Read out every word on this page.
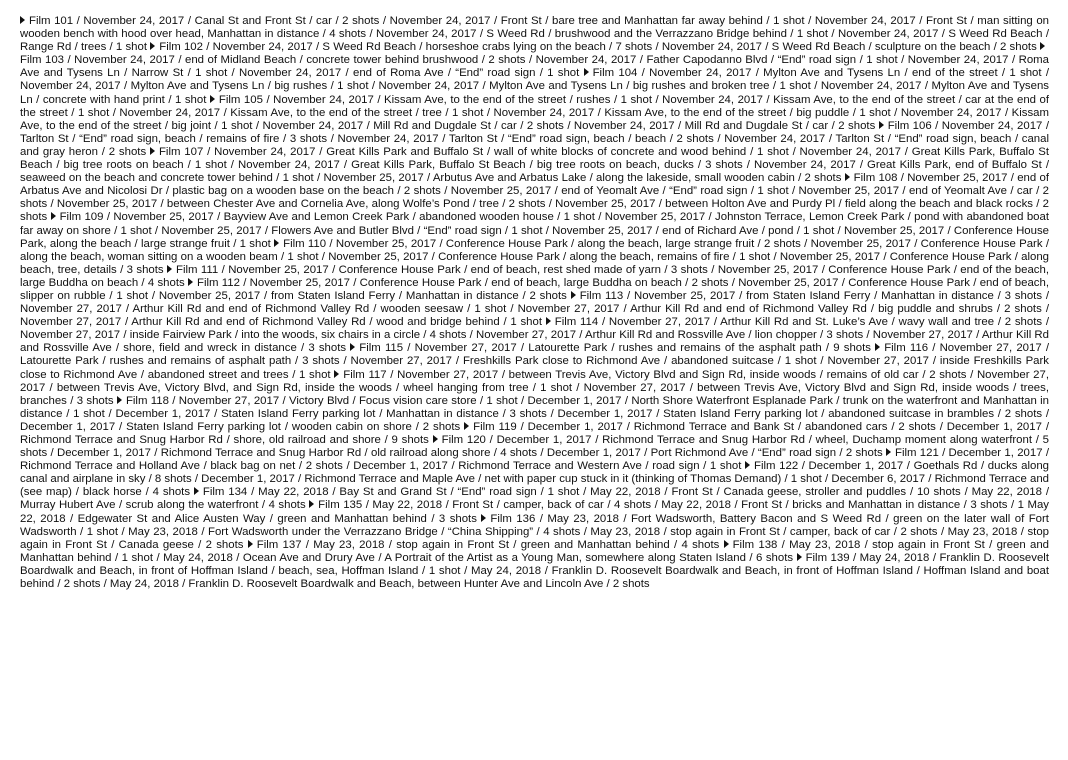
Film 101 / November 24, 2017 / Canal St and Front St / car / 2 shots / November 24, 2017 / Front St / bare tree and Manhattan far away behind / 1 shot / November 24, 2017 / Front St / man sitting on wooden bench with hood over head, Manhattan in distance / 4 shots / November 24, 2017 / S Weed Rd / brushwood and the Verrazzano Bridge behind / 1 shot / November 24, 2017 / S Weed Rd Beach / Range Rd / trees / 1 shot Film 102 / November 24, 2017 / S Weed Rd Beach / horseshoe crabs lying on the beach / 7 shots / November 24, 2017 / S Weed Rd Beach / sculpture on the beach / 2 shots Film 103 / November 24, 2017 / end of Midland Beach / concrete tower behind brushwood / 2 shots / November 24, 2017 / Father Capodanno Blvd / “End” road sign / 1 shot / November 24, 2017 / Roma Ave and Tysens Ln / Narrow St / 1 shot / November 24, 2017 / end of Roma Ave / “End” road sign / 1 shot Film 104 / November 24, 2017 / Mylton Ave and Tysens Ln / end of the street / 1 shot / November 24, 2017 / Mylton Ave and Tysens Ln / big rushes / 1 shot / November 24, 2017 / Mylton Ave and Tysens Ln / big rushes and broken tree / 1 shot / November 24, 2017 / Mylton Ave and Tysens Ln / concrete with hand print / 1 shot Film 105 / November 24, 2017 / Kissam Ave, to the end of the street / rushes / 1 shot / November 24, 2017 / Kissam Ave, to the end of the street / car at the end of the street / 1 shot / November 24, 2017 / Kissam Ave, to the end of the street / tree / 1 shot / November 24, 2017 / Kissam Ave, to the end of the street / big puddle / 1 shot / November 24, 2017 / Kissam Ave, to the end of the street / big joint / 1 shot / November 24, 2017 / Mill Rd and Dugdale St / car / 2 shots / November 24, 2017 / Mill Rd and Dugdale St / car / 2 shots Film 106 / November 24, 2017 / Tarlton St / “End” road sign, beach / remains of fire / 3 shots / November 24, 2017 / Tarlton St / “End” road sign, beach / beach / 2 shots / November 24, 2017 / Tarlton St / “End” road sign, beach / canal and gray heron / 2 shots Film 107 / November 24, 2017 / Great Kills Park and Buffalo St / wall of white blocks of concrete and wood behind / 1 shot / November 24, 2017 / Great Kills Park, Buffalo St Beach / big tree roots on beach / 1 shot / November 24, 2017 / Great Kills Park, Buffalo St Beach / big tree roots on beach, ducks / 3 shots / November 24, 2017 / Great Kills Park, end of Buffalo St / seaweed on the beach and concrete tower behind / 1 shot / November 25, 2017 / Arbutus Ave and Arbatus Lake / along the lakeside, small wooden cabin / 2 shots Film 108 / November 25, 2017 / end of Arbatus Ave and Nicolosi Dr / plastic bag on a wooden base on the beach / 2 shots / November 25, 2017 / end of Yeomalt Ave / “End” road sign / 1 shot / November 25, 2017 / end of Yeomalt Ave / car / 2 shots / November 25, 2017 / between Chester Ave and Cornelia Ave, along Wolfe’s Pond / tree / 2 shots / November 25, 2017 / between Holton Ave and Purdy Pl / field along the beach and black rocks / 2 shots Film 109 / November 25, 2017 / Bayview Ave and Lemon Creek Park / abandoned wooden house / 1 shot / November 25, 2017 / Johnston Terrace, Lemon Creek Park / pond with abandoned boat far away on shore / 1 shot / November 25, 2017 / Flowers Ave and Butler Blvd / “End” road sign / 1 shot / November 25, 2017 / end of Richard Ave / pond / 1 shot / November 25, 2017 / Conference House Park, along the beach / large strange fruit / 1 shot Film 110 / November 25, 2017 / Conference House Park / along the beach, large strange fruit / 2 shots / November 25, 2017 / Conference House Park / along the beach, woman sitting on a wooden beam / 1 shot / November 25, 2017 / Conference House Park / along the beach, remains of fire / 1 shot / November 25, 2017 / Conference House Park / along beach, tree, details / 3 shots Film 111 / November 25, 2017 / Conference House Park / end of beach, rest shed made of yarn / 3 shots / November 25, 2017 / Conference House Park / end of the beach, large Buddha on beach / 4 shots Film 112 / November 25, 2017 / Conference House Park / end of beach, large Buddha on beach / 2 shots / November 25, 2017 / Conference House Park / end of beach, slipper on rubble / 1 shot / November 25, 2017 / from Staten Island Ferry / Manhattan in distance / 2 shots Film 113 / November 25, 2017 / from Staten Island Ferry / Manhattan in distance / 3 shots / November 27, 2017 / Arthur Kill Rd and end of Richmond Valley Rd / wooden seesaw / 1 shot / November 27, 2017 / Arthur Kill Rd and end of Richmond Valley Rd / big puddle and shrubs / 2 shots / November 27, 2017 / Arthur Kill Rd and end of Richmond Valley Rd / wood and bridge behind / 1 shot Film 114 / November 27, 2017 / Arthur Kill Rd and St. Luke’s Ave / wavy wall and tree / 2 shots / November 27, 2017 / inside Fairview Park / into the woods, six chairs in a circle / 4 shots / November 27, 2017 / Arthur Kill Rd and Rossville Ave / lion chopper / 3 shots / November 27, 2017 / Arthur Kill Rd and Rossville Ave / shore, field and wreck in distance / 3 shots Film 115 / November 27, 2017 / Latourette Park / rushes and remains of the asphalt path / 9 shots Film 116 / November 27, 2017 / Latourette Park / rushes and remains of asphalt path / 3 shots / November 27, 2017 / Freshkills Park close to Richmond Ave / abandoned suitcase / 1 shot / November 27, 2017 / inside Freshkills Park close to Richmond Ave / abandoned street and trees / 1 shot Film 117 / November 27, 2017 / between Trevis Ave, Victory Blvd and Sign Rd, inside woods / remains of old car / 2 shots / November 27, 2017 / between Trevis Ave, Victory Blvd, and Sign Rd, inside the woods / wheel hanging from tree / 1 shot / November 27, 2017 / between Trevis Ave, Victory Blvd and Sign Rd, inside woods / trees, branches / 3 shots Film 118 / November 27, 2017 / Victory Blvd / Focus vision care store / 1 shot / December 1, 2017 / North Shore Waterfront Esplanade Park / trunk on the waterfront and Manhattan in distance / 1 shot / December 1, 2017 / Staten Island Ferry parking lot / Manhattan in distance / 3 shots / December 1, 2017 / Staten Island Ferry parking lot / abandoned suitcase in brambles / 2 shots / December 1, 2017 / Staten Island Ferry parking lot / wooden cabin on shore / 2 shots Film 119 / December 1, 2017 / Richmond Terrace and Bank St / abandoned cars / 2 shots / December 1, 2017 / Richmond Terrace and Snug Harbor Rd / shore, old railroad and shore / 9 shots Film 120 / December 1, 2017 / Richmond Terrace and Snug Harbor Rd / wheel, Duchamp moment along waterfront / 5 shots / December 1, 2017 / Richmond Terrace and Snug Harbor Rd / old railroad along shore / 4 shots / December 1, 2017 / Port Richmond Ave / “End” road sign / 2 shots Film 121 / December 1, 2017 / Richmond Terrace and Holland Ave / black bag on net / 2 shots / December 1, 2017 / Richmond Terrace and Western Ave / road sign / 1 shot Film 122 / December 1, 2017 / Goethals Rd / ducks along canal and airplane in sky / 8 shots / December 1, 2017 / Richmond Terrace and Maple Ave / net with paper cup stuck in it (thinking of Thomas Demand) / 1 shot / December 6, 2017 / Richmond Terrace and (see map) / black horse / 4 shots Film 134 / May 22, 2018 / Bay St and Grand St / “End” road sign / 1 shot / May 22, 2018 / Front St / Canada geese, stroller and puddles / 10 shots / May 22, 2018 / Murray Hubert Ave / scrub along the waterfront / 4 shots Film 135 / May 22, 2018 / Front St / camper, back of car / 4 shots / May 22, 2018 / Front St / bricks and Manhattan in distance / 3 shots / 1 May 22, 2018 / Edgewater St and Alice Austen Way / green and Manhattan behind / 3 shots Film 136 / May 23, 2018 / Fort Wadsworth, Battery Bacon and S Weed Rd / green on the later wall of Fort Wadsworth / 1 shot / May 23, 2018 / Fort Wadsworth under the Verrazzano Bridge / “China Shipping” / 4 shots / May 23, 2018 / stop again in Front St / camper, back of car / 2 shots / May 23, 2018 / stop again in Front St / Canada geese / 2 shots Film 137 / May 23, 2018 / stop again in Front St / green and Manhattan behind / 4 shots Film 138 / May 23, 2018 / stop again in Front St / green and Manhattan behind / 1 shot / May 24, 2018 / Ocean Ave and Drury Ave / A Portrait of the Artist as a Young Man, somewhere along Staten Island / 6 shots Film 139 / May 24, 2018 / Franklin D. Roosevelt Boardwalk and Beach, in front of Hoffman Island / beach, sea, Hoffman Island / 1 shot / May 24, 2018 / Franklin D. Roosevelt Boardwalk and Beach, in front of Hoffman Island / Hoffman Island and boat behind / 2 shots / May 24, 2018 / Franklin D. Roosevelt Boardwalk and Beach, between Hunter Ave and Lincoln Ave / 2 shots
